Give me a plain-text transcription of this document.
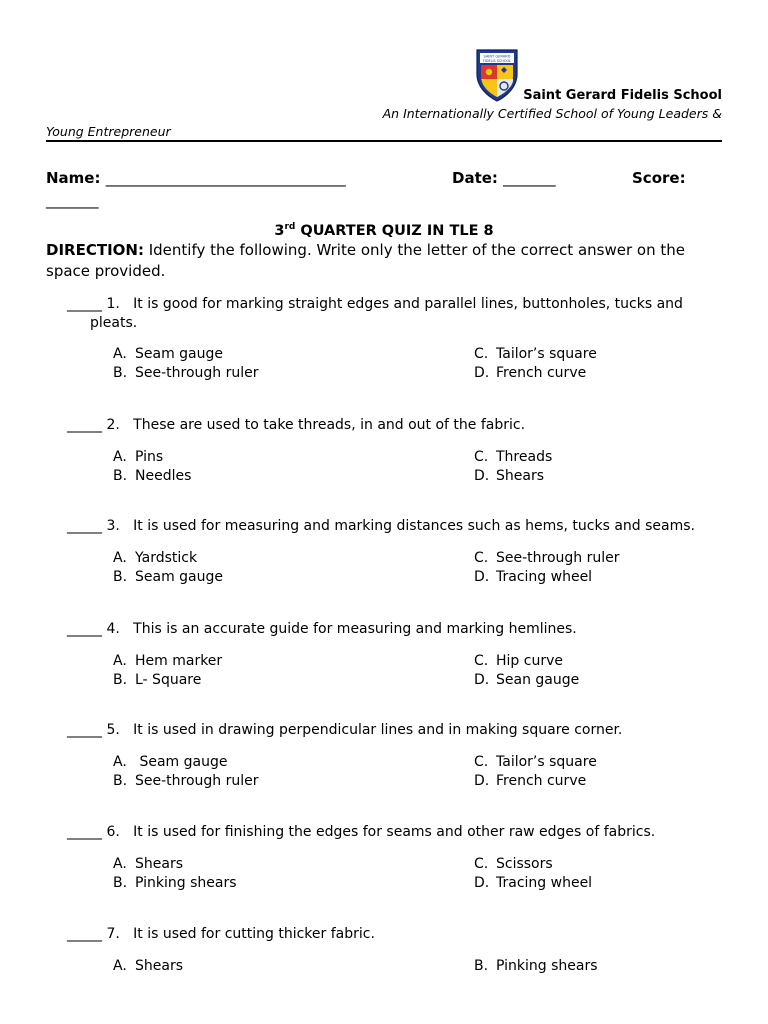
SAINT GERARD
FIDELIS SCHOOL
Saint Gerard Fidelis School
An Internationally Certified School of Young Leaders &
Young Entrepreneur
Name: ________________________________	Date: _______	Score:
_______
3rd QUARTER QUIZ IN TLE 8
DIRECTION: Identify the following. Write only the letter of the correct answer on the space provided.
_____ 1. It is good for marking straight edges and parallel lines, buttonholes, tucks and
pleats.
A. Seam gauge
B. See-through ruler
C. Tailor’s square
D. French curve
_____ 2. These are used to take threads, in and out of the fabric.
A. Pins
B. Needles
C. Threads
D. Shears
_____ 3. It is used for measuring and marking distances such as hems, tucks and seams.
A. Yardstick
B. Seam gauge
C. See-through ruler
D. Tracing wheel
_____ 4. This is an accurate guide for measuring and marking hemlines.
A. Hem marker
B. L- Square
C. Hip curve
D. Sean gauge
_____ 5. It is used in drawing perpendicular lines and in making square corner.
A. Seam gauge
B. See-through ruler
C. Tailor’s square
D. French curve
_____ 6. It is used for finishing the edges for seams and other raw edges of fabrics.
A. Shears
B. Pinking shears
C. Scissors
D. Tracing wheel
_____ 7. It is used for cutting thicker fabric.
A. Shears	B. Pinking shears
